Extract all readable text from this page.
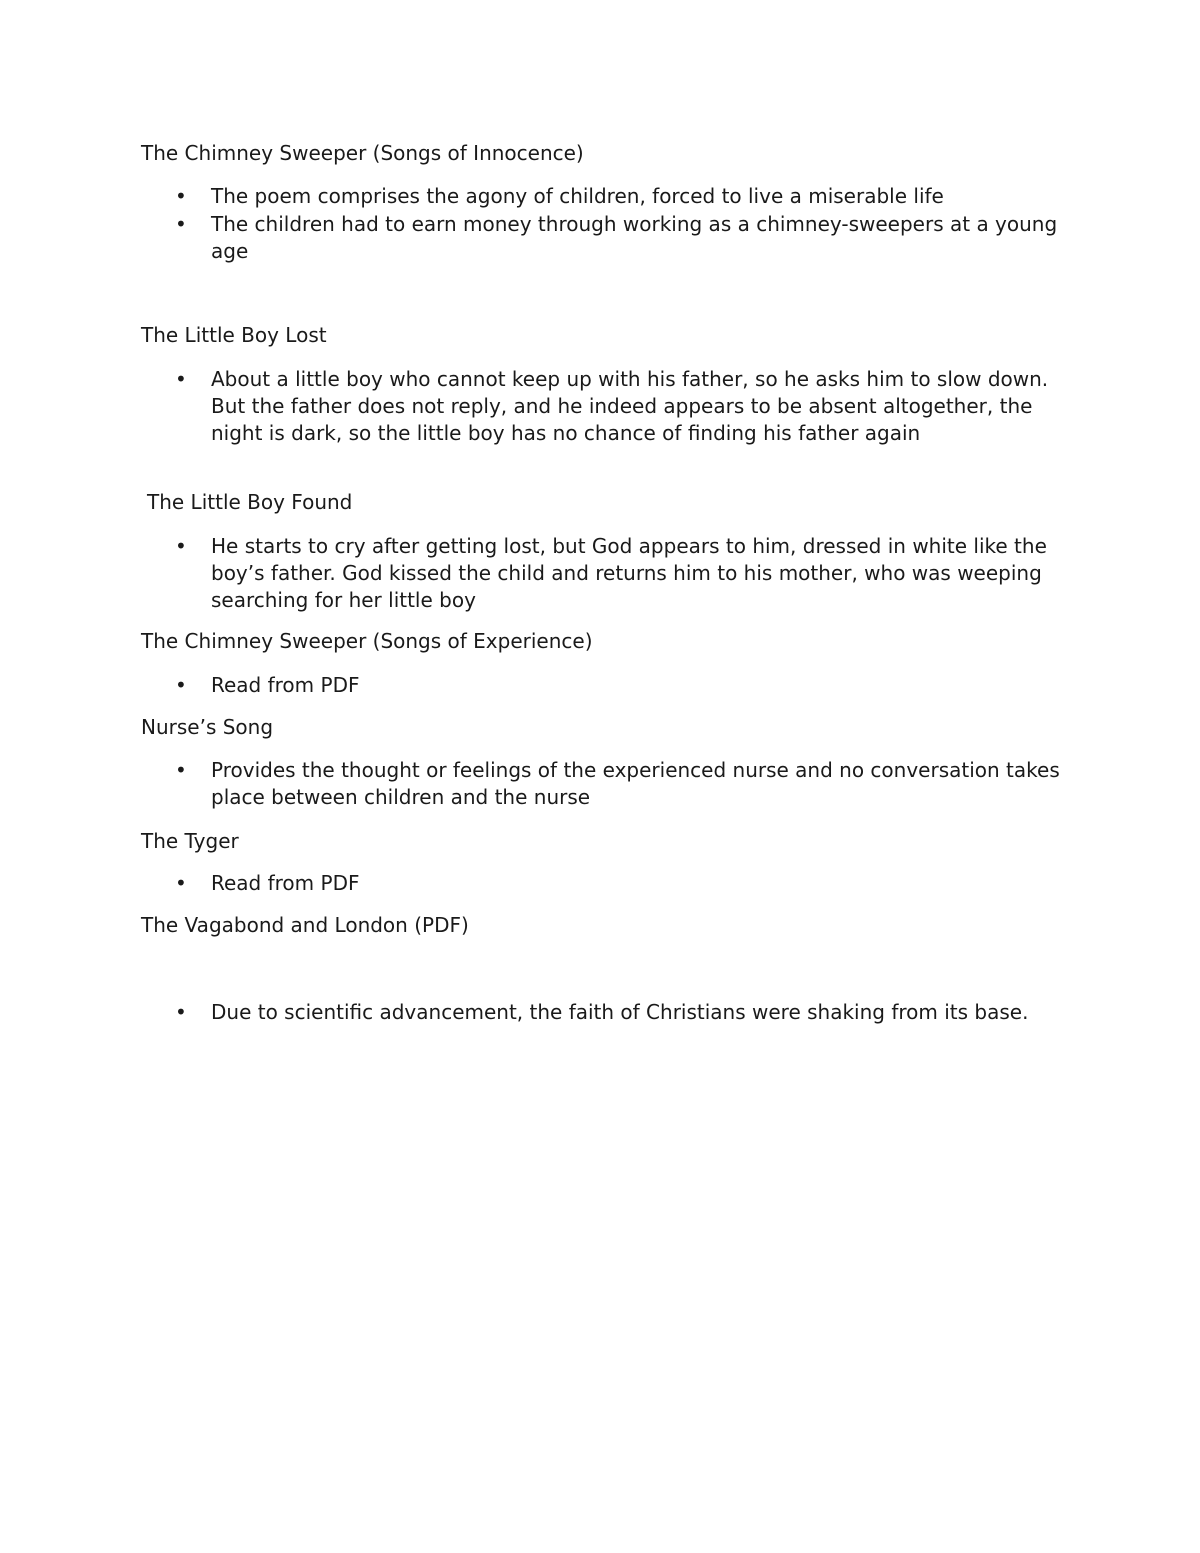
The Chimney Sweeper (Songs of Innocence)
• The poem comprises the agony of children, forced to live a miserable life
• The children had to earn money through working as a chimney-sweepers at a young age
The Little Boy Lost
• About a little boy who cannot keep up with his father, so he asks him to slow down. But the father does not reply, and he indeed appears to be absent altogether, the night is dark, so the little boy has no chance of finding his father again
The Little Boy Found
• He starts to cry after getting lost, but God appears to him, dressed in white like the boy’s father. God kissed the child and returns him to his mother, who was weeping searching for her little boy
The Chimney Sweeper (Songs of Experience)
• Read from PDF
Nurse’s Song
• Provides the thought or feelings of the experienced nurse and no conversation takes place between children and the nurse
The Tyger
• Read from PDF
The Vagabond and London (PDF)
• Due to scientific advancement, the faith of Christians were shaking from its base.
